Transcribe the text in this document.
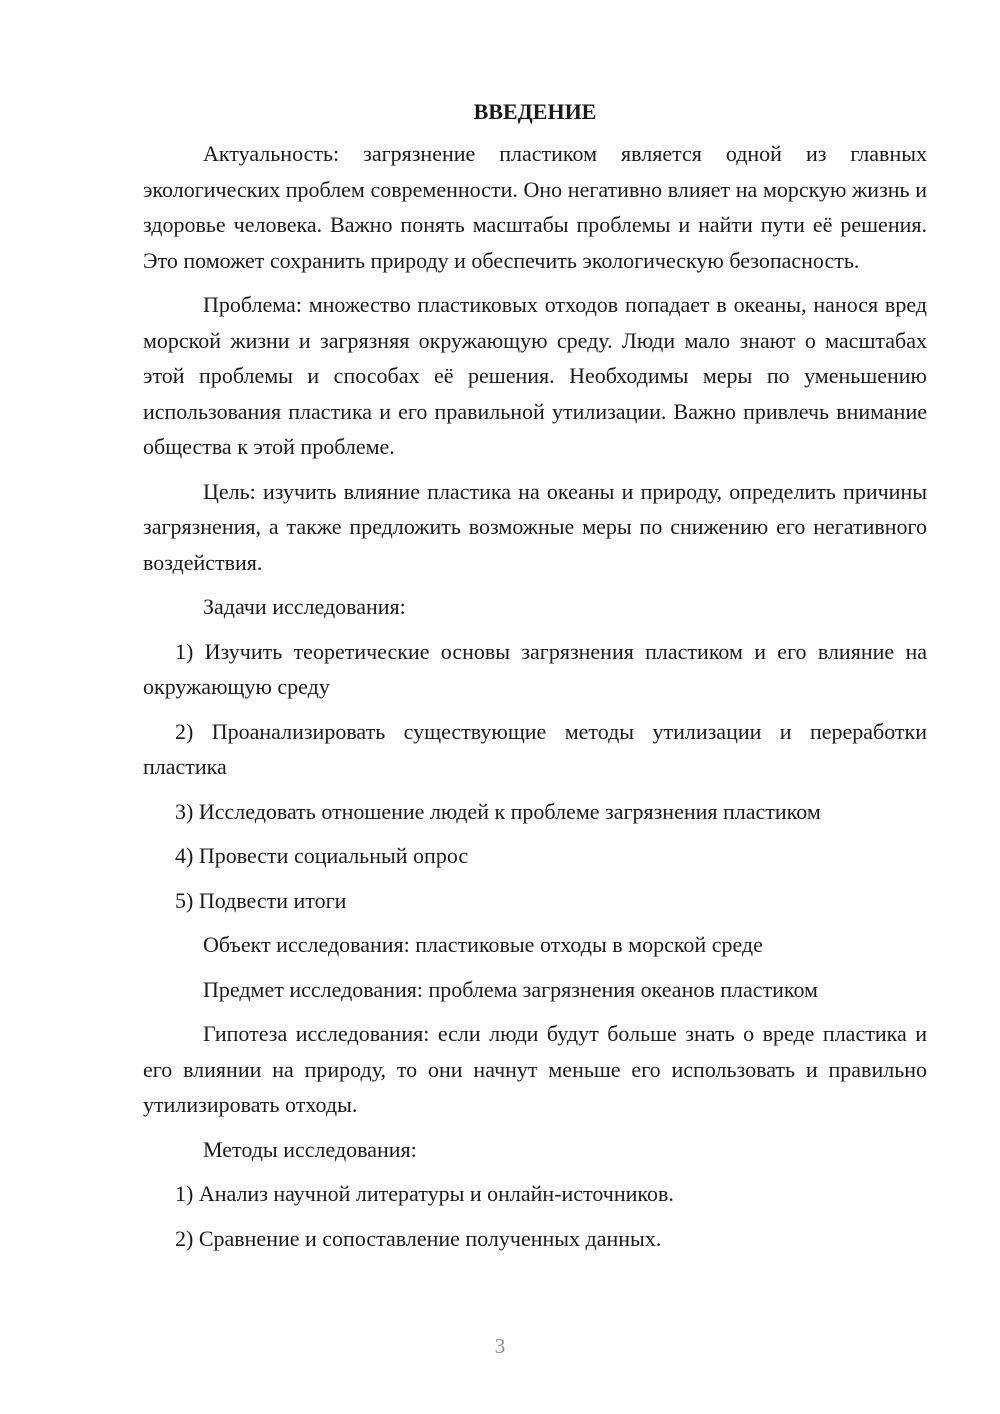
ВВЕДЕНИЕ

Актуальность: загрязнение пластиком является одной из главных экологических проблем современности. Оно негативно влияет на морскую жизнь и здоровье человека. Важно понять масштабы проблемы и найти пути её решения. Это поможет сохранить природу и обеспечить экологическую безопасность.

Проблема: множество пластиковых отходов попадает в океаны, нанося вред морской жизни и загрязняя окружающую среду. Люди мало знают о масштабах этой проблемы и способах её решения. Необходимы меры по уменьшению использования пластика и его правильной утилизации. Важно привлечь внимание общества к этой проблеме.

Цель: изучить влияние пластика на океаны и природу, определить причины загрязнения, а также предложить возможные меры по снижению его негативного воздействия.

Задачи исследования:

1) Изучить теоретические основы загрязнения пластиком и его влияние на окружающую среду

2) Проанализировать существующие методы утилизации и переработки пластика

3) Исследовать отношение людей к проблеме загрязнения пластиком

4) Провести социальный опрос

5) Подвести итоги

Объект исследования: пластиковые отходы в морской среде

Предмет исследования: проблема загрязнения океанов пластиком

Гипотеза исследования: если люди будут больше знать о вреде пластика и его влиянии на природу, то они начнут меньше его использовать и правильно утилизировать отходы.

Методы исследования:

1) Анализ научной литературы и онлайн-источников.

2) Сравнение и сопоставление полученных данных.

3
